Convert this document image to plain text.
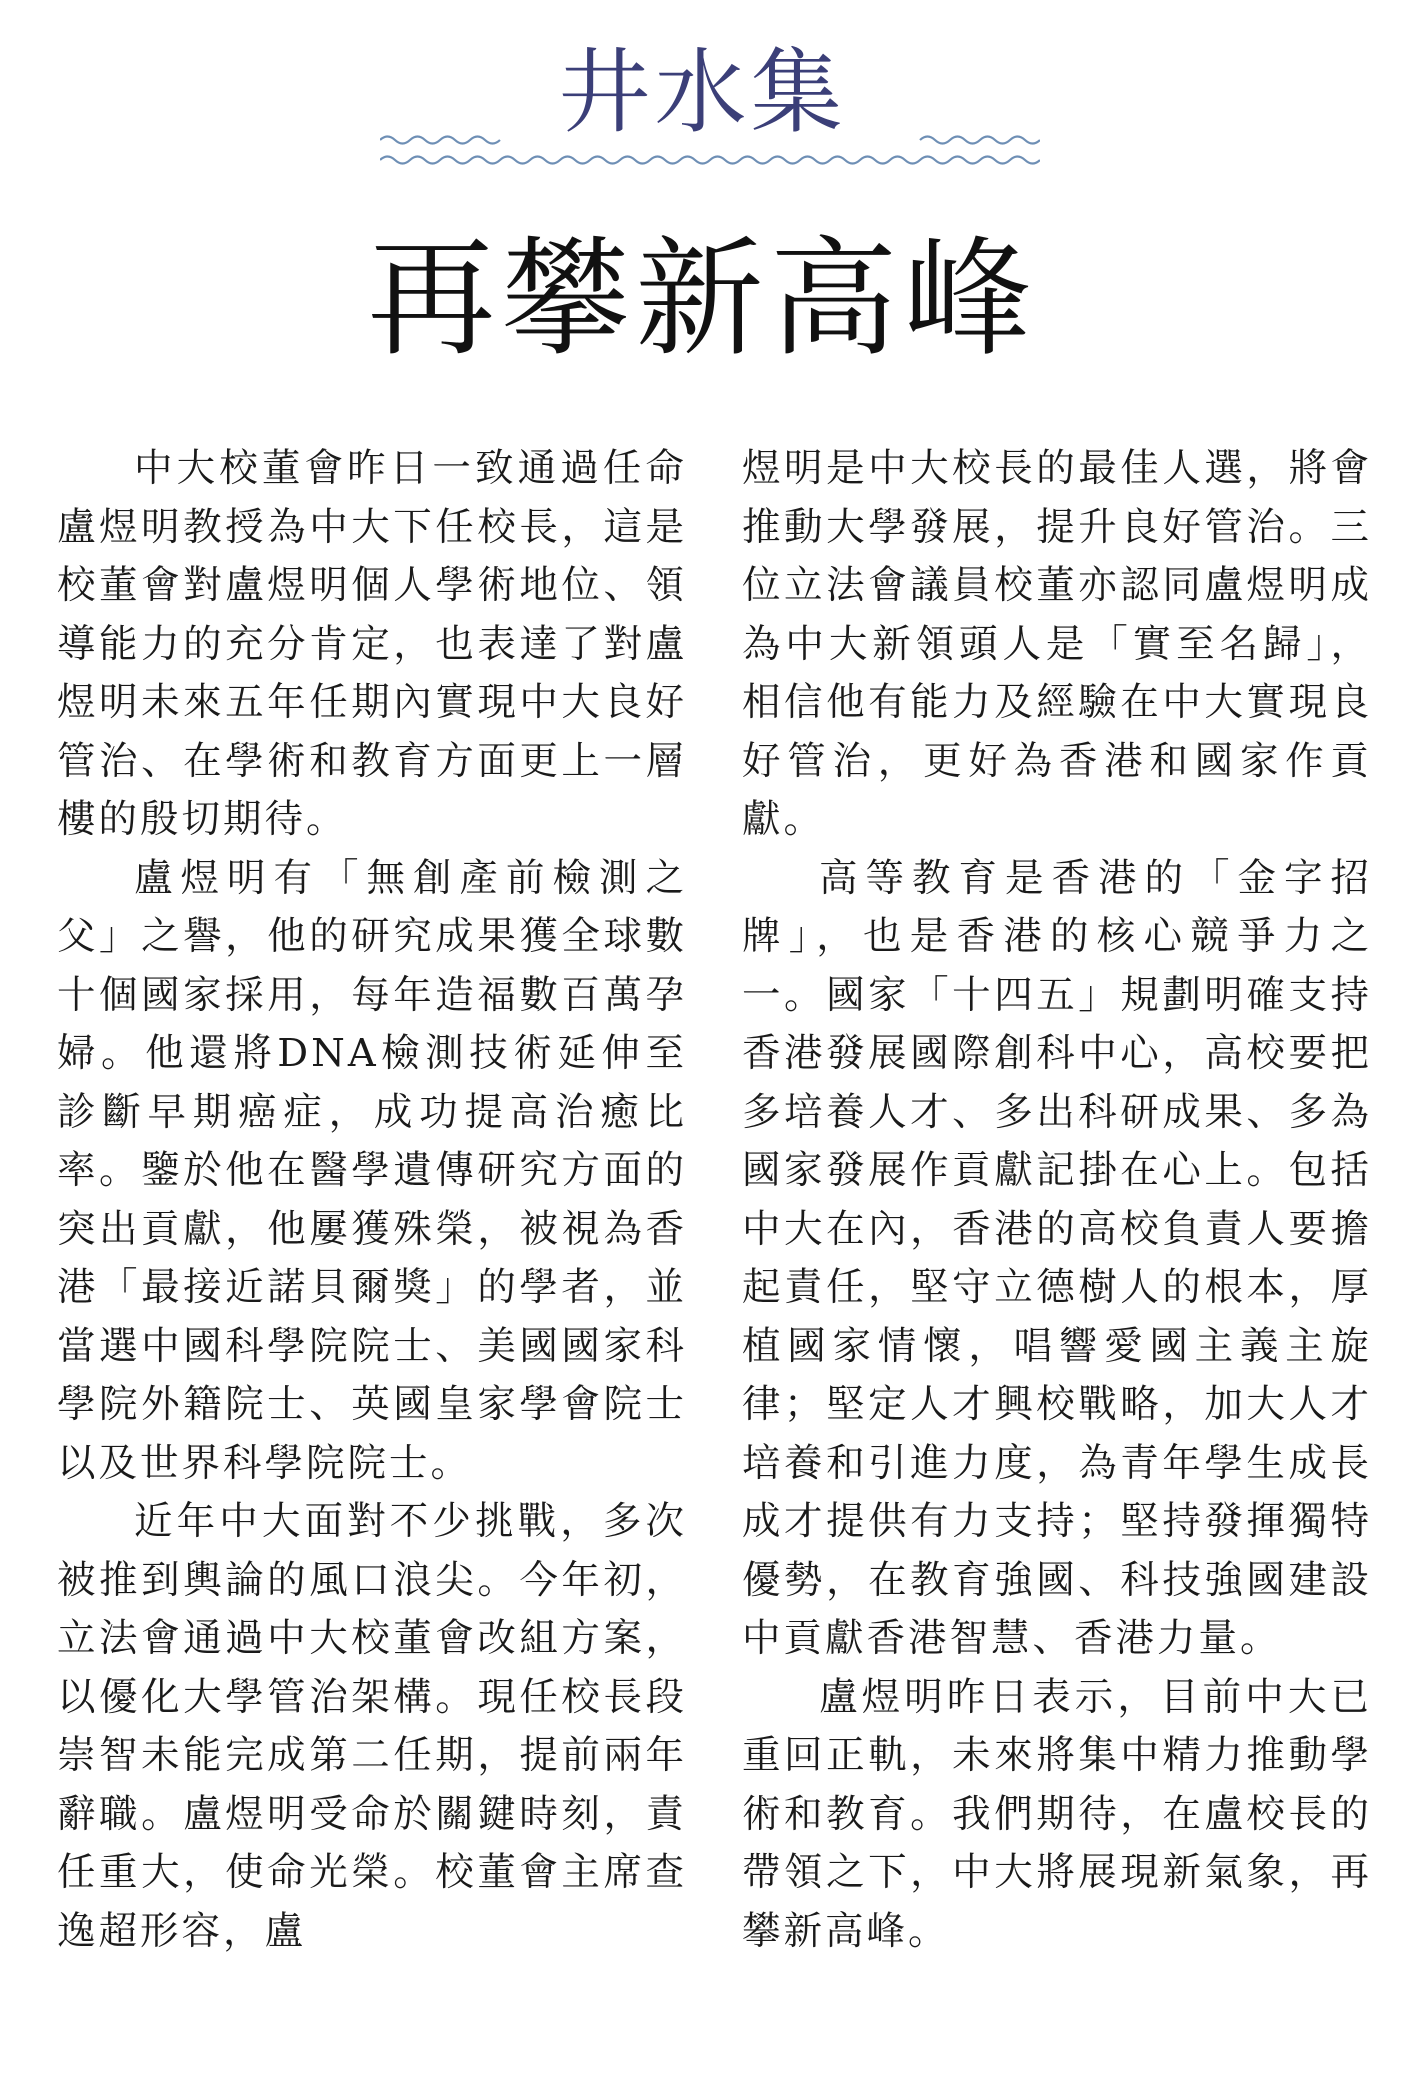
井水集
再攀新高峰

中大校董會昨日一致通過任命盧煜明教授為中大下任校長，這是校董會對盧煜明個人學術地位、領導能力的充分肯定，也表達了對盧煜明未來五年任期內實現中大良好管治、在學術和教育方面更上一層樓的殷切期待。

盧煜明有「無創產前檢測之父」之譽，他的研究成果獲全球數十個國家採用，每年造福數百萬孕婦。他還將DNA檢測技術延伸至診斷早期癌症，成功提高治癒比率。鑒於他在醫學遺傳研究方面的突出貢獻，他屢獲殊榮，被視為香港「最接近諾貝爾獎」的學者，並當選中國科學院院士、美國國家科學院外籍院士、英國皇家學會院士以及世界科學院院士。

近年中大面對不少挑戰，多次被推到輿論的風口浪尖。今年初，立法會通過中大校董會改組方案，以優化大學管治架構。現任校長段崇智未能完成第二任期，提前兩年辭職。盧煜明受命於關鍵時刻，責任重大，使命光榮。校董會主席查逸超形容，盧

煜明是中大校長的最佳人選，將會推動大學發展，提升良好管治。三位立法會議員校董亦認同盧煜明成為中大新領頭人是「實至名歸」，相信他有能力及經驗在中大實現良好管治，更好為香港和國家作貢獻。

高等教育是香港的「金字招牌」，也是香港的核心競爭力之一。國家「十四五」規劃明確支持香港發展國際創科中心，高校要把多培養人才、多出科研成果、多為國家發展作貢獻記掛在心上。包括中大在內，香港的高校負責人要擔起責任，堅守立德樹人的根本，厚植國家情懷，唱響愛國主義主旋律；堅定人才興校戰略，加大人才培養和引進力度，為青年學生成長成才提供有力支持；堅持發揮獨特優勢，在教育強國、科技強國建設中貢獻香港智慧、香港力量。

盧煜明昨日表示，目前中大已重回正軌，未來將集中精力推動學術和教育。我們期待，在盧校長的帶領之下，中大將展現新氣象，再攀新高峰。
